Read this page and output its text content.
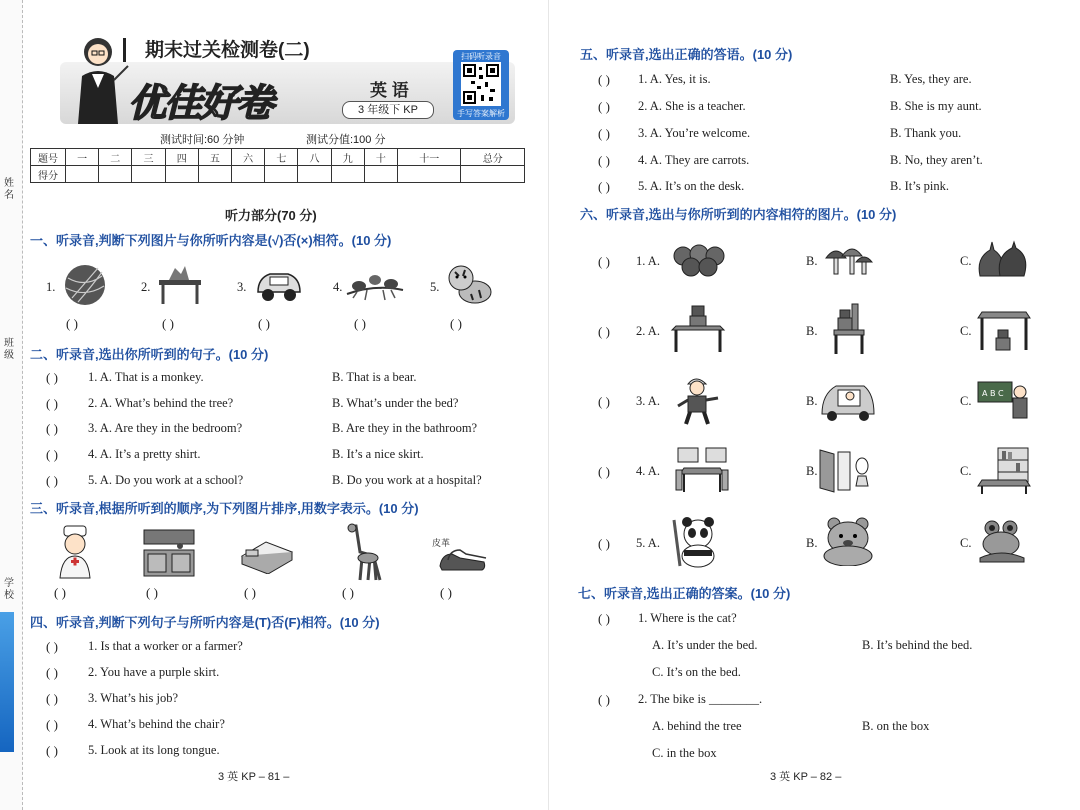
姓名
班级
学校
期末过关检测卷(二)
优佳好卷	英 语
3 年级下 KP
扫码听录音
手写答案解析
测试时间:60 分钟	测试分值:100 分
题号	一	二	三	四	五	六	七	八	九	十	十一	总分
得分												
听力部分(70 分)
一、听录音,判断下列图片与你所听内容是(√)否(×)相符。(10 分)
1.
( )
2.
( )
3.
( )
4.
( )
5.
( )
二、听录音,选出你所听到的句子。(10 分)
( ) 1. A. That is a monkey.	B. That is a bear.
( ) 2. A. What’s behind the tree?	B. What’s under the bed?
( ) 3. A. Are they in the bedroom?	B. Are they in the bathroom?
( ) 4. A. It’s a pretty shirt.	B. It’s a nice skirt.
( ) 5. A. Do you work at a school?	B. Do you work at a hospital?
三、听录音,根据所听到的顺序,为下列图片排序,用数字表示。(10 分)
( )	( )	( )	( )
皮革
( )
四、听录音,判断下列句子与所听内容是(T)否(F)相符。(10 分)
( ) 1. Is that a worker or a farmer?
( ) 2. You have a purple skirt.
( ) 3. What’s his job?
( ) 4. What’s behind the chair?
( ) 5. Look at its long tongue.
3 英 KP – 81 –
五、听录音,选出正确的答语。(10 分)
( ) 1. A. Yes, it is.	B. Yes, they are.
( ) 2. A. She is a teacher.	B. She is my aunt.
( ) 3. A. You’re welcome.	B. Thank you.
( ) 4. A. They are carrots.	B. No, they aren’t.
( ) 5. A. It’s on the desk.	B. It’s pink.
六、听录音,选出与你所听到的内容相符的图片。(10 分)
( ) 1. A.	B.	C.
( ) 2. A.	B.	C.
( ) 3. A.	B.	C.
A B C
( ) 4. A.	B.	C.
( ) 5. A.	B.	C.
七、听录音,选出正确的答案。(10 分)
( ) 1. Where is the cat?
A. It’s under the bed.	B. It’s behind the bed.
C. It’s on the bed.
( ) 2. The bike is ________.
A. behind the tree	B. on the box
C. in the box
3 英 KP – 82 –
